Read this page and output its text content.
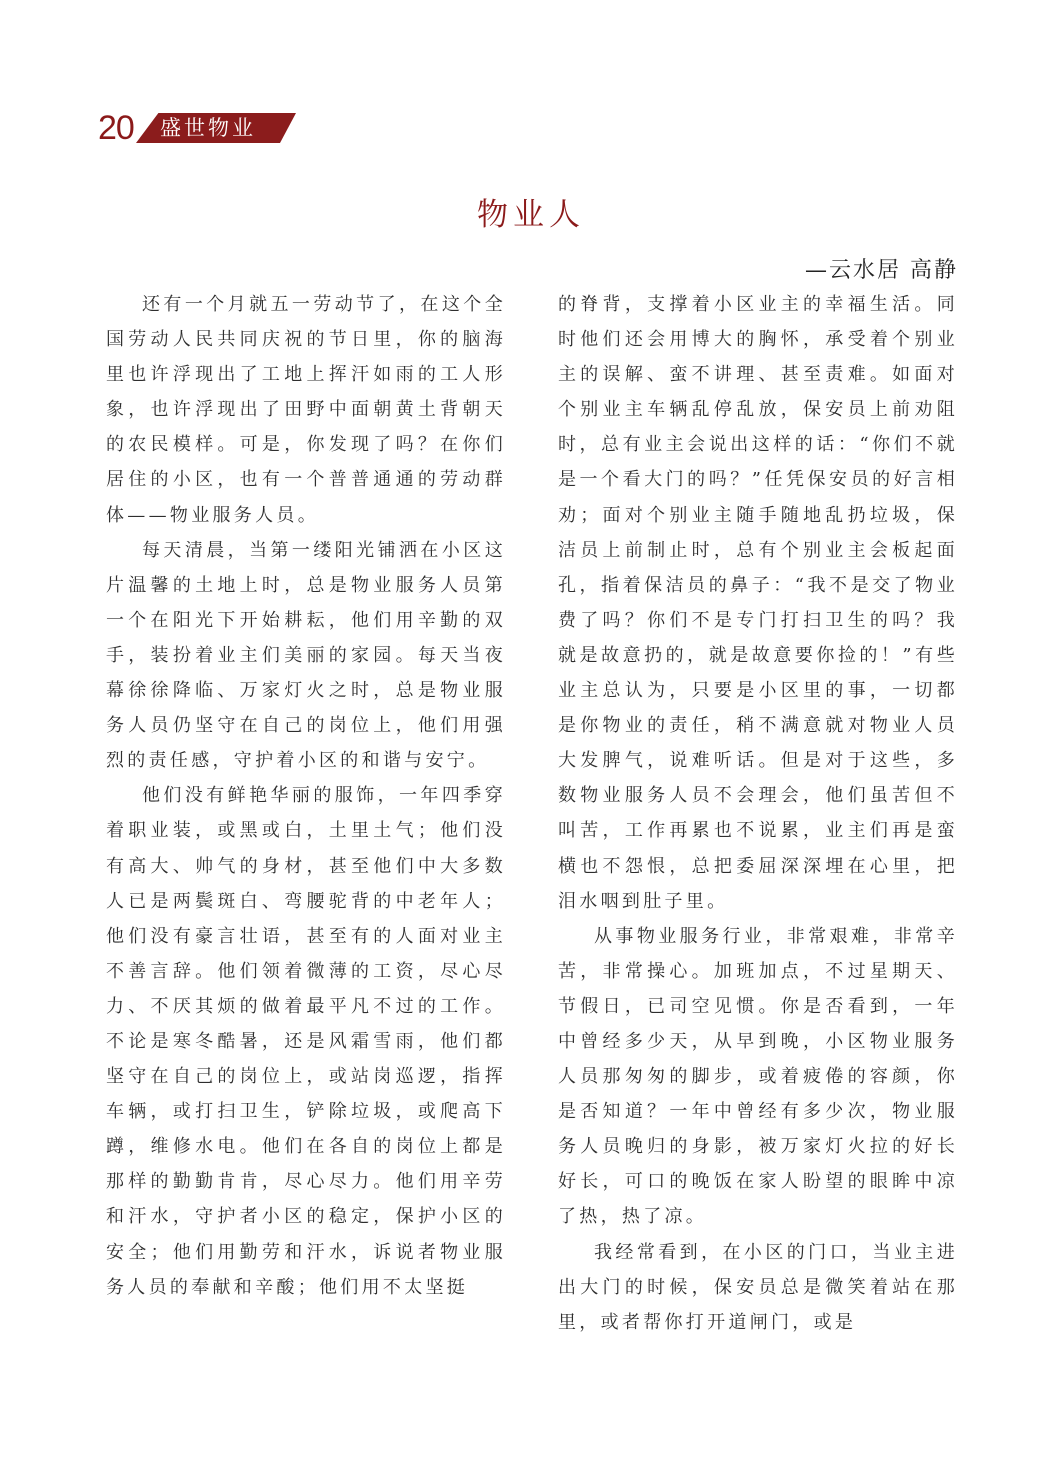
20 盛世物业
物业人
—云水居 高静

还有一个月就五一劳动节了，在这个全国劳动人民共同庆祝的节日里，你的脑海里也许浮现出了工地上挥汗如雨的工人形象，也许浮现出了田野中面朝黄土背朝天的农民模样。可是，你发现了吗？在你们居住的小区，也有一个普普通通的劳动群体——物业服务人员。

每天清晨，当第一缕阳光铺洒在小区这片温馨的土地上时，总是物业服务人员第一个在阳光下开始耕耘，他们用辛勤的双手，装扮着业主们美丽的家园。每天当夜幕徐徐降临、万家灯火之时，总是物业服务人员仍坚守在自己的岗位上，他们用强烈的责任感，守护着小区的和谐与安宁。

他们没有鲜艳华丽的服饰，一年四季穿着职业装，或黑或白，土里土气；他们没有高大、帅气的身材，甚至他们中大多数人已是两鬓斑白、弯腰驼背的中老年人；他们没有豪言壮语，甚至有的人面对业主不善言辞。他们领着微薄的工资，尽心尽力、不厌其烦的做着最平凡不过的工作。不论是寒冬酷暑，还是风霜雪雨，他们都坚守在自己的岗位上，或站岗巡逻，指挥车辆，或打扫卫生，铲除垃圾，或爬高下蹲，维修水电。他们在各自的岗位上都是那样的勤勤肯肯，尽心尽力。他们用辛劳和汗水，守护者小区的稳定，保护小区的安全；他们用勤劳和汗水，诉说者物业服务人员的奉献和辛酸；他们用不太坚挺

的脊背，支撑着小区业主的幸福生活。同时他们还会用博大的胸怀，承受着个别业主的误解、蛮不讲理、甚至责难。如面对个别业主车辆乱停乱放，保安员上前劝阻时，总有业主会说出这样的话：“你们不就是一个看大门的吗？”任凭保安员的好言相劝；面对个别业主随手随地乱扔垃圾，保洁员上前制止时，总有个别业主会板起面孔，指着保洁员的鼻子：“我不是交了物业费了吗？你们不是专门打扫卫生的吗？我就是故意扔的，就是故意要你捡的！”有些业主总认为，只要是小区里的事，一切都是你物业的责任，稍不满意就对物业人员大发脾气，说难听话。但是对于这些，多数物业服务人员不会理会，他们虽苦但不叫苦，工作再累也不说累，业主们再是蛮横也不怨恨，总把委屈深深埋在心里，把泪水咽到肚子里。

从事物业服务行业，非常艰难，非常辛苦，非常操心。加班加点，不过星期天、节假日，已司空见惯。你是否看到，一年中曾经多少天，从早到晚，小区物业服务人员那匆匆的脚步，或着疲倦的容颜，你是否知道？一年中曾经有多少次，物业服务人员晚归的身影，被万家灯火拉的好长好长，可口的晚饭在家人盼望的眼眸中凉了热，热了凉。

我经常看到，在小区的门口，当业主进出大门的时候，保安员总是微笑着站在那里，或者帮你打开道闸门，或是
